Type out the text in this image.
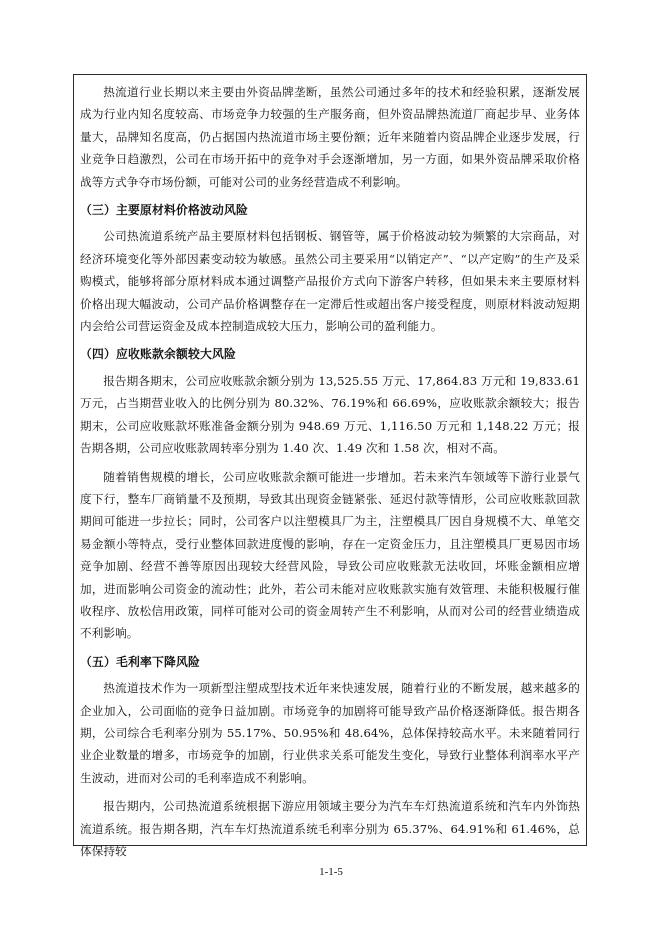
热流道行业长期以来主要由外资品牌垄断，虽然公司通过多年的技术和经验积累，逐渐发展成为行业内知名度较高、市场竞争力较强的生产服务商，但外资品牌热流道厂商起步早、业务体量大，品牌知名度高，仍占据国内热流道市场主要份额；近年来随着内资品牌企业逐步发展，行业竞争日趋激烈，公司在市场开拓中的竞争对手会逐渐增加，另一方面，如果外资品牌采取价格战等方式争夺市场份额，可能对公司的业务经营造成不利影响。

（三）主要原材料价格波动风险

公司热流道系统产品主要原材料包括钢板、钢管等，属于价格波动较为频繁的大宗商品，对经济环境变化等外部因素变动较为敏感。虽然公司主要采用“以销定产”、“以产定购”的生产及采购模式，能够将部分原材料成本通过调整产品报价方式向下游客户转移，但如果未来主要原材料价格出现大幅波动，公司产品价格调整存在一定滞后性或超出客户接受程度，则原材料波动短期内会给公司营运资金及成本控制造成较大压力，影响公司的盈利能力。

（四）应收账款余额较大风险

报告期各期末，公司应收账款余额分别为 13,525.55 万元、17,864.83 万元和 19,833.61 万元，占当期营业收入的比例分别为 80.32%、76.19%和 66.69%，应收账款余额较大；报告期末，公司应收账款坏账准备金额分别为 948.69 万元、1,116.50 万元和 1,148.22 万元；报告期各期，公司应收账款周转率分别为 1.40 次、1.49 次和 1.58 次，相对不高。

随着销售规模的增长，公司应收账款余额可能进一步增加。若未来汽车领域等下游行业景气度下行，整车厂商销量不及预期，导致其出现资金链紧张、延迟付款等情形，公司应收账款回款期间可能进一步拉长；同时，公司客户以注塑模具厂为主，注塑模具厂因自身规模不大、单笔交易金额小等特点，受行业整体回款进度慢的影响，存在一定资金压力，且注塑模具厂更易因市场竞争加剧、经营不善等原因出现较大经营风险，导致公司应收账款无法收回，坏账金额相应增加，进而影响公司资金的流动性；此外，若公司未能对应收账款实施有效管理、未能积极履行催收程序、放松信用政策，同样可能对公司的资金周转产生不利影响，从而对公司的经营业绩造成不利影响。

（五）毛利率下降风险

热流道技术作为一项新型注塑成型技术近年来快速发展，随着行业的不断发展，越来越多的企业加入，公司面临的竞争日益加剧。市场竞争的加剧将可能导致产品价格逐渐降低。报告期各期，公司综合毛利率分别为 55.17%、50.95%和 48.64%，总体保持较高水平。未来随着同行业企业数量的增多，市场竞争的加剧，行业供求关系可能发生变化，导致行业整体利润率水平产生波动，进而对公司的毛利率造成不利影响。

报告期内，公司热流道系统根据下游应用领域主要分为汽车车灯热流道系统和汽车内外饰热流道系统。报告期各期，汽车车灯热流道系统毛利率分别为 65.37%、64.91%和 61.46%，总体保持较

1-1-5
